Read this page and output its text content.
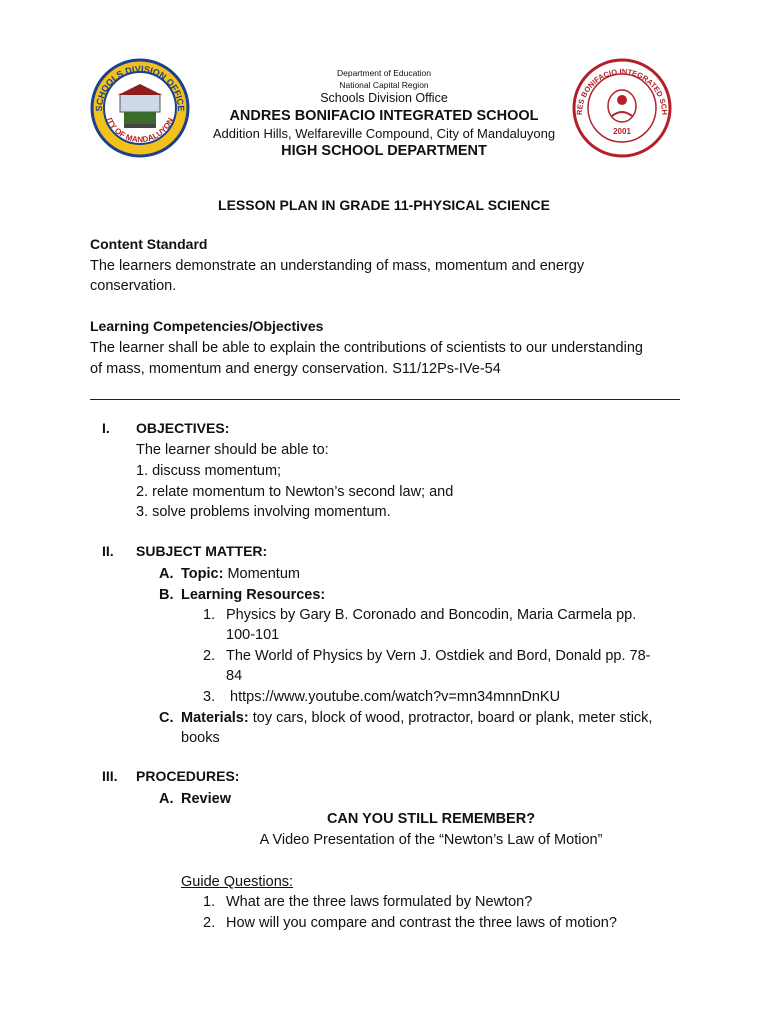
SCHOOLS DIVISION OFFICE
ITY OF MANDALUYON
RES BONIFACIO INTEGRATED SCH
2001
Department of Education
National Capital Region
Schools Division Office
ANDRES BONIFACIO INTEGRATED SCHOOL
Addition Hills, Welfareville Compound, City of Mandaluyong
HIGH SCHOOL DEPARTMENT
LESSON PLAN IN GRADE 11-PHYSICAL SCIENCE
Content Standard
The learners demonstrate an understanding of mass, momentum and energy
conservation.
Learning Competencies/Objectives
The learner shall be able to explain the contributions of scientists to our understanding
of mass, momentum and energy conservation. S11/12Ps-IVe-54
I. OBJECTIVES:
The learner should be able to:
1. discuss momentum;
2. relate momentum to Newton’s second law; and
3. solve problems involving momentum.
II. SUBJECT MATTER:
A. Topic: Momentum
B. Learning Resources:
1. Physics by Gary B. Coronado and Boncodin, Maria Carmela pp.
100-101
2. The World of Physics by Vern J. Ostdiek and Bord, Donald pp. 78-
84
3. https://www.youtube.com/watch?v=mn34mnnDnKU
C. Materials: toy cars, block of wood, protractor, board or plank, meter stick,
books
III. PROCEDURES:
A. Review
CAN YOU STILL REMEMBER?
A Video Presentation of the “Newton’s Law of Motion”
Guide Questions:
1. What are the three laws formulated by Newton?
2. How will you compare and contrast the three laws of motion?
